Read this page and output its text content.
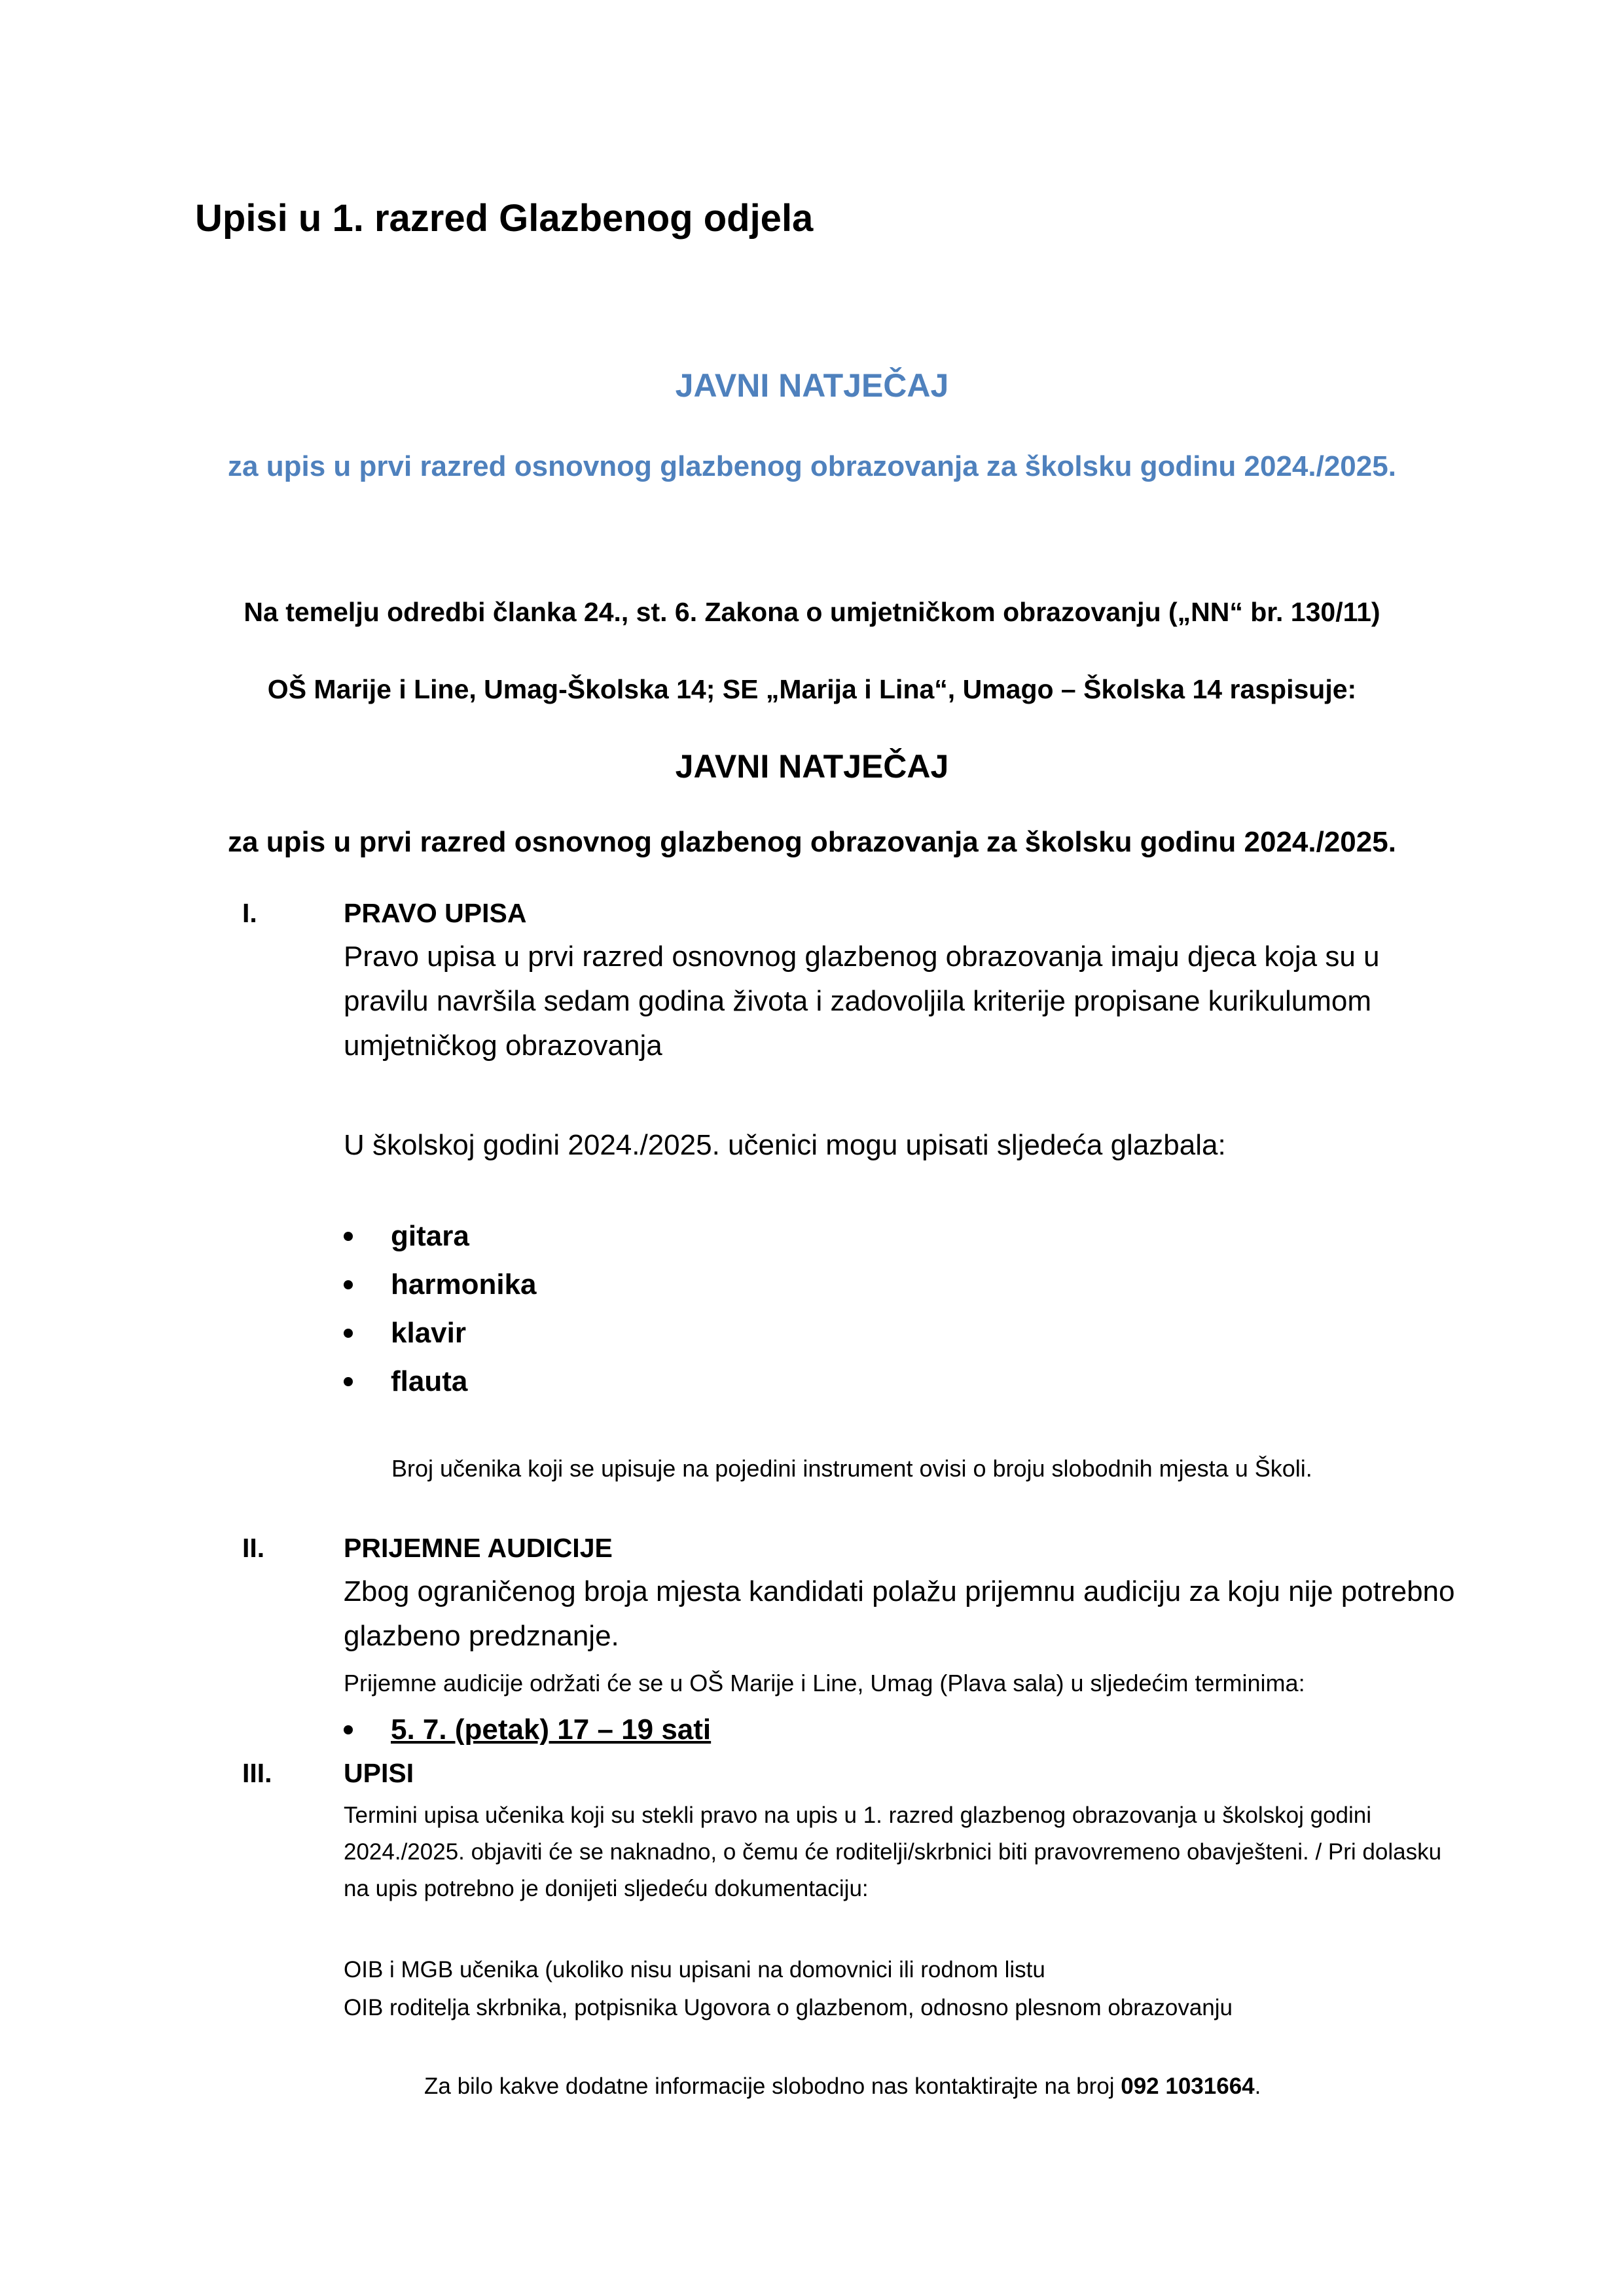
Upisi u 1. razred Glazbenog odjela
JAVNI NATJEČAJ
za upis u prvi razred osnovnog glazbenog obrazovanja za školsku godinu 2024./2025.
Na temelju odredbi članka 24., st. 6. Zakona o umjetničkom obrazovanju („NN“ br. 130/11)
OŠ Marije i Line, Umag-Školska 14; SE „Marija i Lina“, Umago – Školska 14 raspisuje:
JAVNI NATJEČAJ
za upis u prvi razred osnovnog glazbenog obrazovanja za školsku godinu 2024./2025.
I.	PRAVO UPISA
Pravo upisa u prvi razred osnovnog glazbenog obrazovanja imaju djeca koja su u pravilu navršila sedam godina života i zadovoljila kriterije propisane kurikulumom umjetničkog obrazovanja
U školskoj godini 2024./2025. učenici mogu upisati sljedeća glazbala:
gitara
harmonika
klavir
flauta
Broj učenika koji se upisuje na pojedini instrument ovisi o broju slobodnih mjesta u Školi.
II.	PRIJEMNE AUDICIJE
Zbog ograničenog broja mjesta kandidati polažu prijemnu audiciju za koju nije potrebno glazbeno predznanje.
Prijemne audicije održati će se u OŠ Marije i Line, Umag (Plava sala) u sljedećim terminima:
5. 7. (petak) 17 – 19 sati
III.	UPISI
Termini upisa učenika koji su stekli pravo na upis u 1. razred glazbenog obrazovanja u školskoj godini 2024./2025. objaviti će se naknadno, o čemu će roditelji/skrbnici biti pravovremeno obavješteni. / Pri dolasku na upis potrebno je donijeti sljedeću dokumentaciju:
OIB i MGB učenika (ukoliko nisu upisani na domovnici ili rodnom listu
OIB roditelja skrbnika, potpisnika Ugovora o glazbenom, odnosno plesnom obrazovanju
Za bilo kakve dodatne informacije slobodno nas kontaktirajte na broj 092 1031664.
